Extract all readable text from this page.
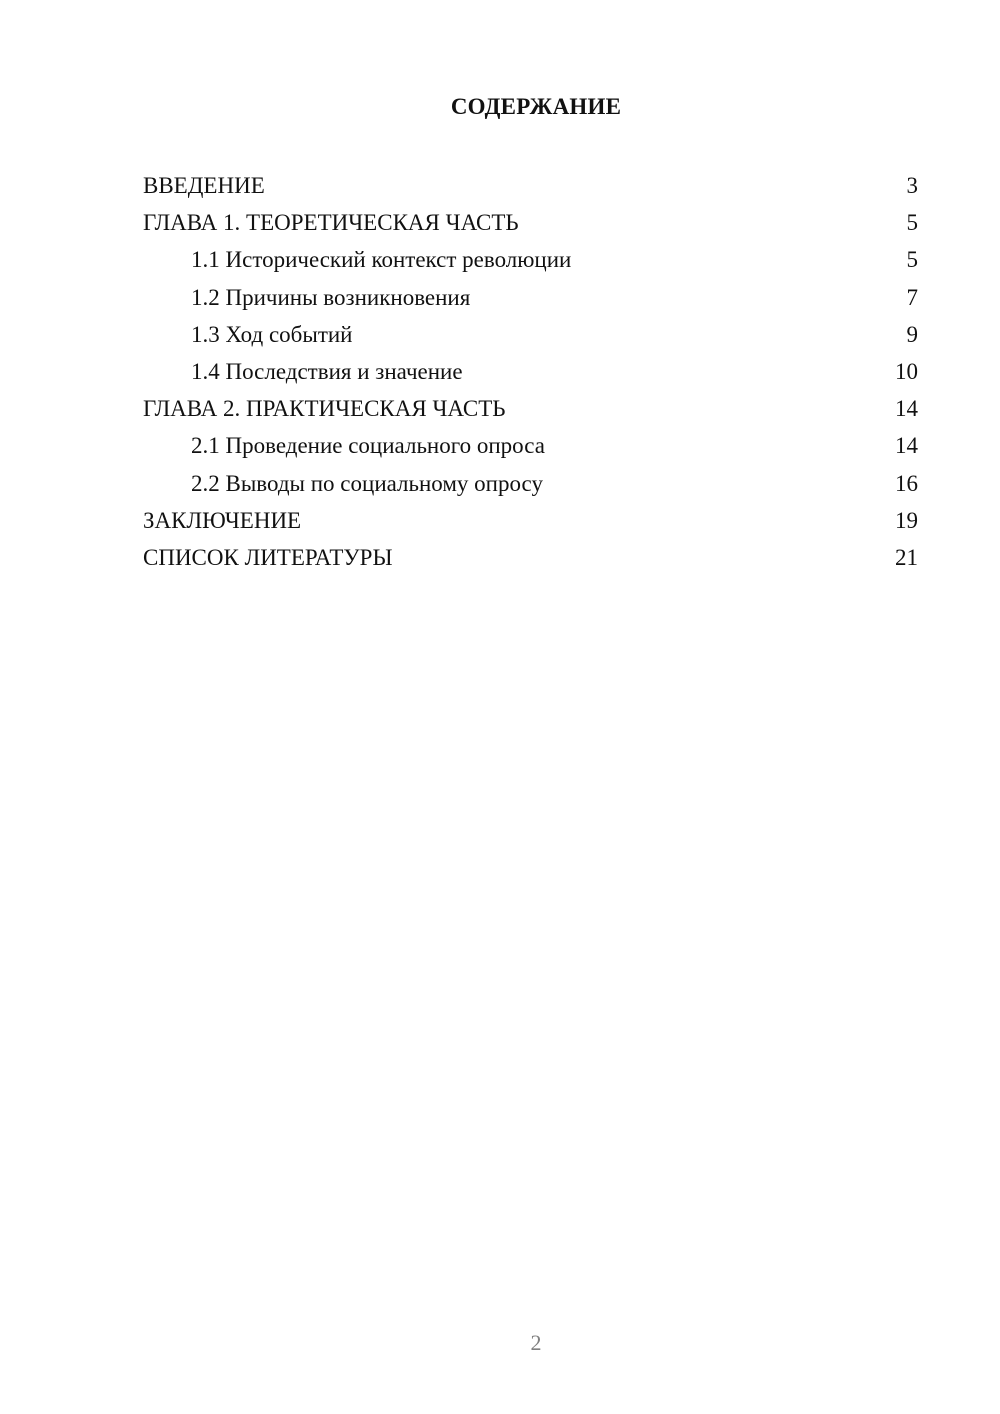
СОДЕРЖАНИЕ
ВВЕДЕНИЕ	3
ГЛАВА 1. ТЕОРЕТИЧЕСКАЯ ЧАСТЬ	5
1.1 Исторический контекст революции	5
1.2 Причины возникновения	7
1.3 Ход событий	9
1.4 Последствия и значение	10
ГЛАВА 2. ПРАКТИЧЕСКАЯ ЧАСТЬ	14
2.1 Проведение социального опроса	14
2.2 Выводы по социальному опросу	16
ЗАКЛЮЧЕНИЕ	19
СПИСОК ЛИТЕРАТУРЫ	21
2
